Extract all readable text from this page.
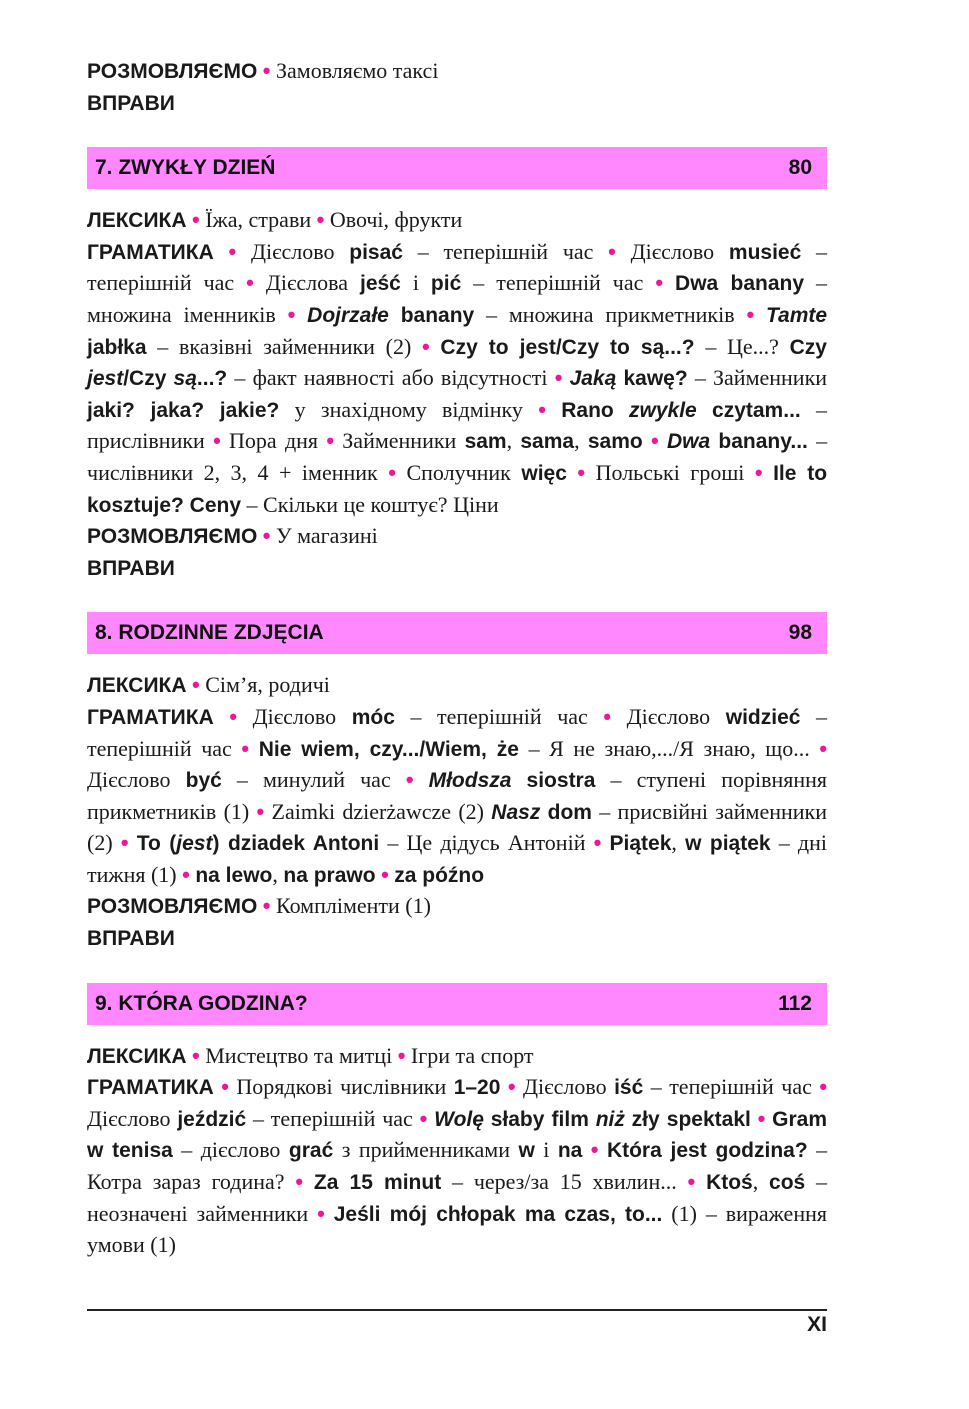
РОЗМОВЛЯЄМО • Замовляємо таксі

ВПРАВИ

7. ZWYKŁY DZIEŃ	80

ЛЕКСИКА • Їжа, страви • Овочі, фрукти

ГРАМАТИКА • Дієслово pisać – теперішній час • Дієслово musieć – теперішній час • Дієслова jeść і pić – теперішній час • Dwa banany – множина іменників • Dojrzałe banany – множина прикметників • Tamte jabłka – вказівні займенники (2) • Czy to jest/Czy to są...? – Це...? Czy jest/Czy są...? – факт наявності або відсутності • Jaką kawę? – Займенники jaki? jaka? jakie? у знахідному відмінку • Rano zwykle czytam... – прислівники • Пора дня • Займенники sam, sama, samo • Dwa banany... – числівники 2, 3, 4 + іменник • Сполучник więc • Польські гроші • Ile to kosztuje? Ceny – Скільки це коштує? Ціни

РОЗМОВЛЯЄМО • У магазині

ВПРАВИ

8. RODZINNE ZDJĘCIA	98

ЛЕКСИКА • Сім’я, родичі

ГРАМАТИКА • Дієслово móc – теперішній час • Дієслово widzieć – теперішній час • Nie wiem, czy.../Wiem, że – Я не знаю,.../Я знаю, що... • Дієслово być – минулий час • Młodsza siostra – ступені порівняння прикметників (1) • Zaimki dzierżawcze (2) Nasz dom – присвійні займенники (2) • To (jest) dziadek Antoni – Це дідусь Антоній • Piątek, w piątek – дні тижня (1) • na lewo, na prawo • za późno

РОЗМОВЛЯЄМО • Компліменти (1)

ВПРАВИ

9. KTÓRA GODZINA?	112

ЛЕКСИКА • Мистецтво та митці • Ігри та спорт

ГРАМАТИКА • Порядкові числівники 1–20 • Дієслово iść – теперішній час • Дієслово jeździć – теперішній час • Wolę słaby film niż zły spektakl • Gram w tenisa – дієслово grać з прийменниками w i na • Która jest godzina? – Котра зараз година? • Za 15 minut – через/за 15 хвилин... • Ktoś, coś – неозначені займенники • Jeśli mój chłopak ma czas, to... (1) – вираження умови (1)

XI
